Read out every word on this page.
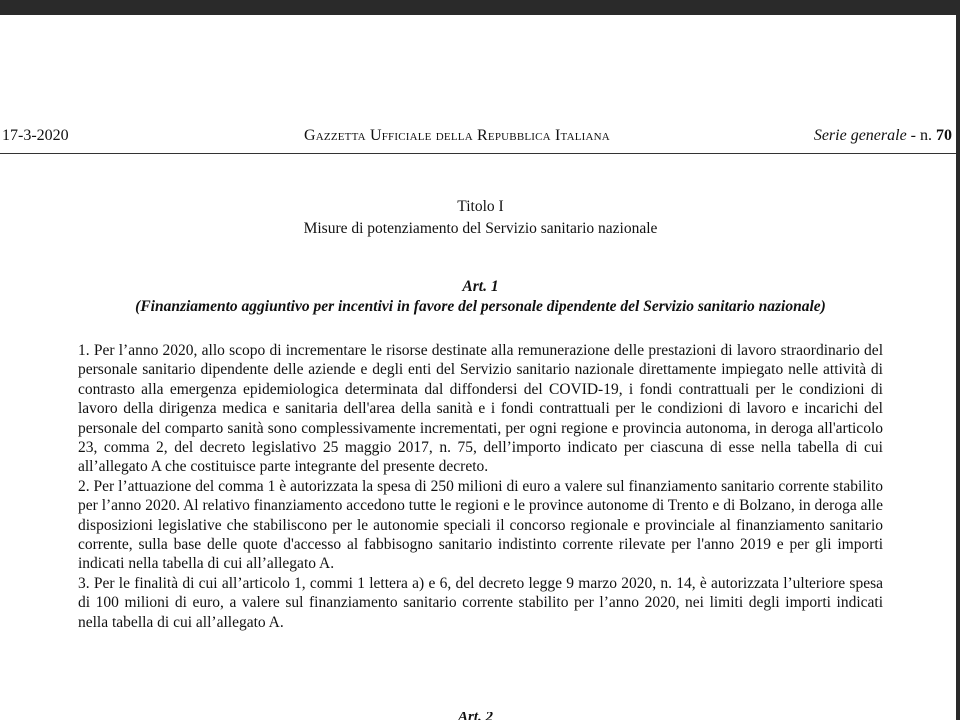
17-3-2020	Gazzetta Ufficiale della Repubblica Italiana	Serie generale - n. 70
Titolo I
Misure di potenziamento del Servizio sanitario nazionale
Art. 1
(Finanziamento aggiuntivo per incentivi in favore del personale dipendente del Servizio sanitario nazionale)

1. Per l’anno 2020, allo scopo di incrementare le risorse destinate alla remunerazione delle prestazioni di lavoro straordinario del personale sanitario dipendente delle aziende e degli enti del Servizio sanitario nazionale direttamente impiegato nelle attività di contrasto alla emergenza epidemiologica determinata dal diffondersi del COVID-19, i fondi contrattuali per le condizioni di lavoro della dirigenza medica e sanitaria dell'area della sanità e i fondi contrattuali per le condizioni di lavoro e incarichi del personale del comparto sanità sono complessivamente incrementati, per ogni regione e provincia autonoma, in deroga all'articolo 23, comma 2, del decreto legislativo 25 maggio 2017, n. 75, dell’importo indicato per ciascuna di esse nella tabella di cui all’allegato A che costituisce parte integrante del presente decreto.

2. Per l’attuazione del comma 1 è autorizzata la spesa di 250 milioni di euro a valere sul finanziamento sanitario corrente stabilito per l’anno 2020. Al relativo finanziamento accedono tutte le regioni e le province autonome di Trento e di Bolzano, in deroga alle disposizioni legislative che stabiliscono per le autonomie speciali il concorso regionale e provinciale al finanziamento sanitario corrente, sulla base delle quote d'accesso al fabbisogno sanitario indistinto corrente rilevate per l'anno 2019 e per gli importi indicati nella tabella di cui all’allegato A.

3. Per le finalità di cui all’articolo 1, commi 1 lettera a) e 6, del decreto legge 9 marzo 2020, n. 14, è autorizzata l’ulteriore spesa di 100 milioni di euro, a valere sul finanziamento sanitario corrente stabilito per l’anno 2020, nei limiti degli importi indicati nella tabella di cui all’allegato A.

Art. 2
